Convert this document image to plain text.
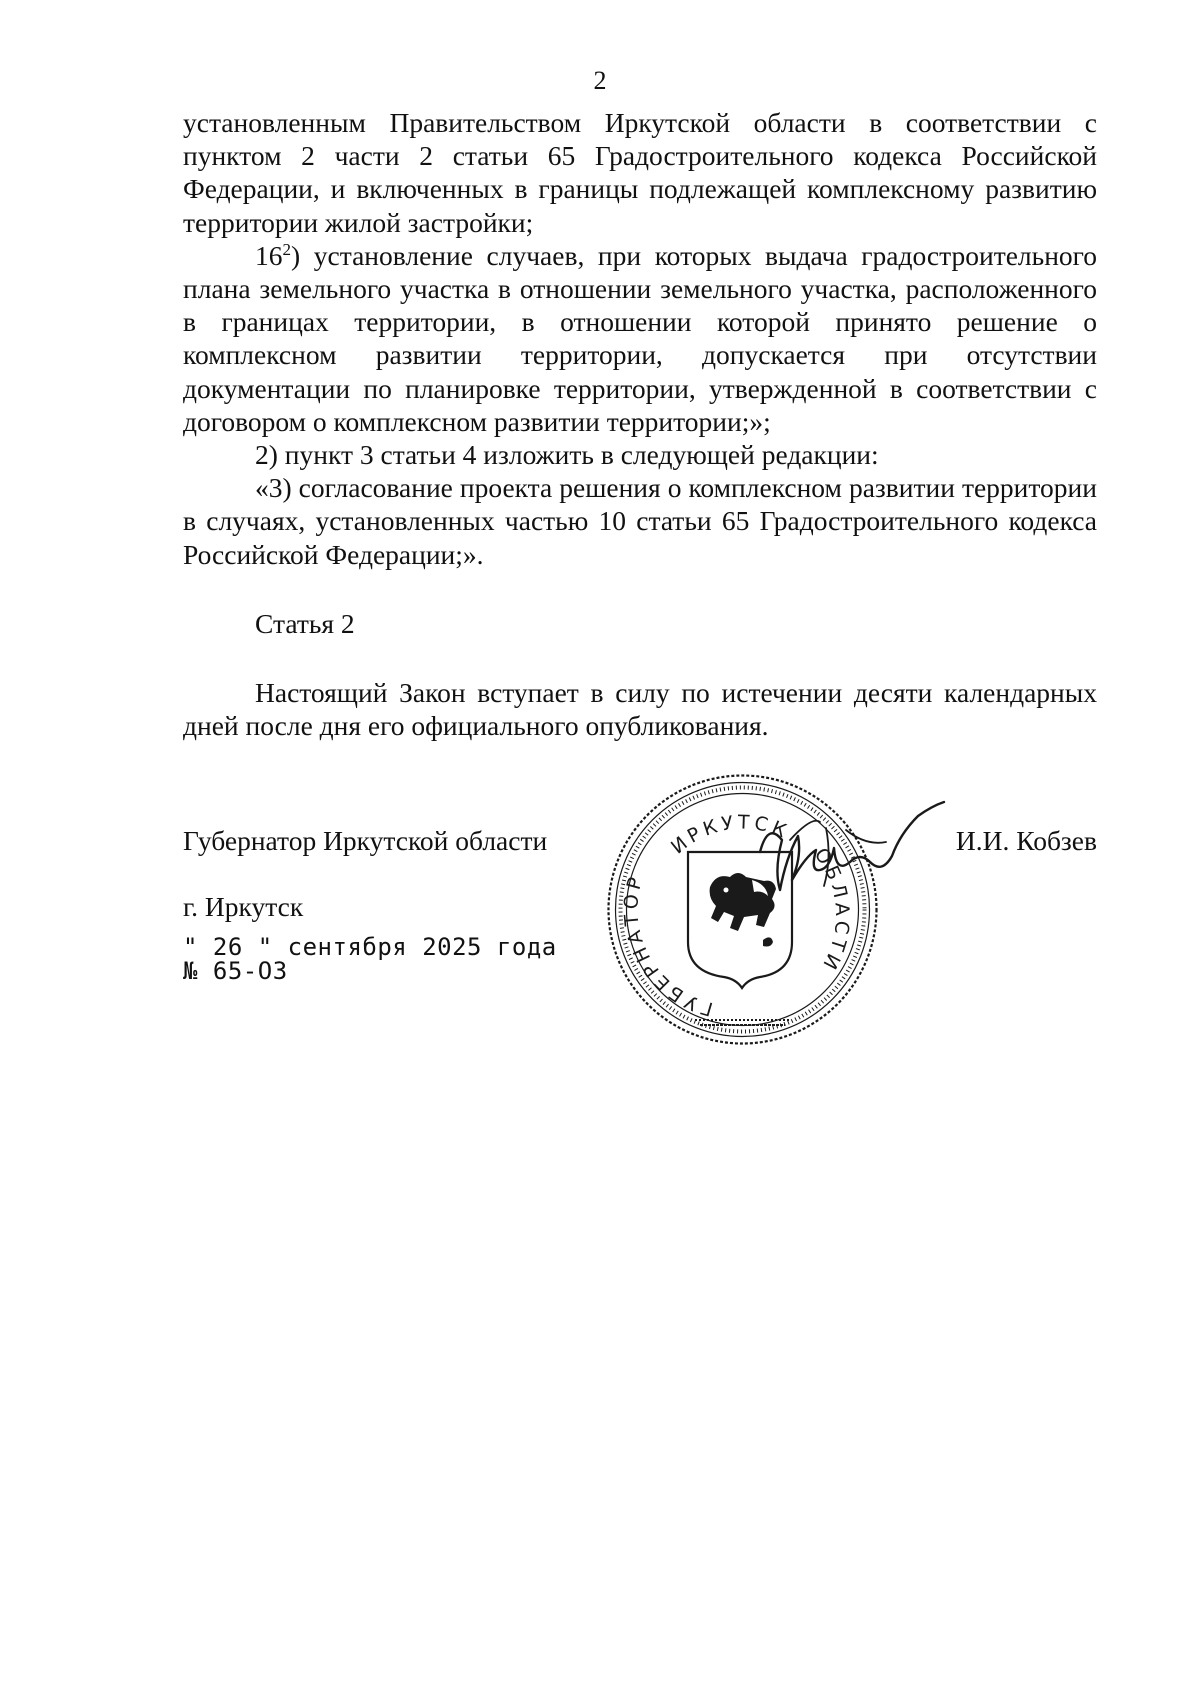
2

установленным Правительством Иркутской области в соответствии с пунктом 2 части 2 статьи 65 Градостроительного кодекса Российской Федерации, и включенных в границы подлежащей комплексному развитию территории жилой застройки;

$16^2$) установление случаев, при которых выдача градостроительного плана земельного участка в отношении земельного участка, расположенного в границах территории, в отношении которой принято решение о комплексном развитии территории, допускается при отсутствии документации по планировке территории, утвержденной в соответствии с договором о комплексном развитии территории;»;

2) пункт 3 статьи 4 изложить в следующей редакции:

«3) согласование проекта решения о комплексном развитии территории в случаях, установленных частью 10 статьи 65 Градостроительного кодекса Российской Федерации;».

Статья 2

Настоящий Закон вступает в силу по истечении десяти календарных дней после дня его официального опубликования.

ИРКУТСК
ГУБЕРНАТОР
ОБЛАСТИ
Губернатор Иркутской области	И.И. Кобзев
г. Иркутск
" 26 " сентября 2025 года
№ 65-ОЗ
